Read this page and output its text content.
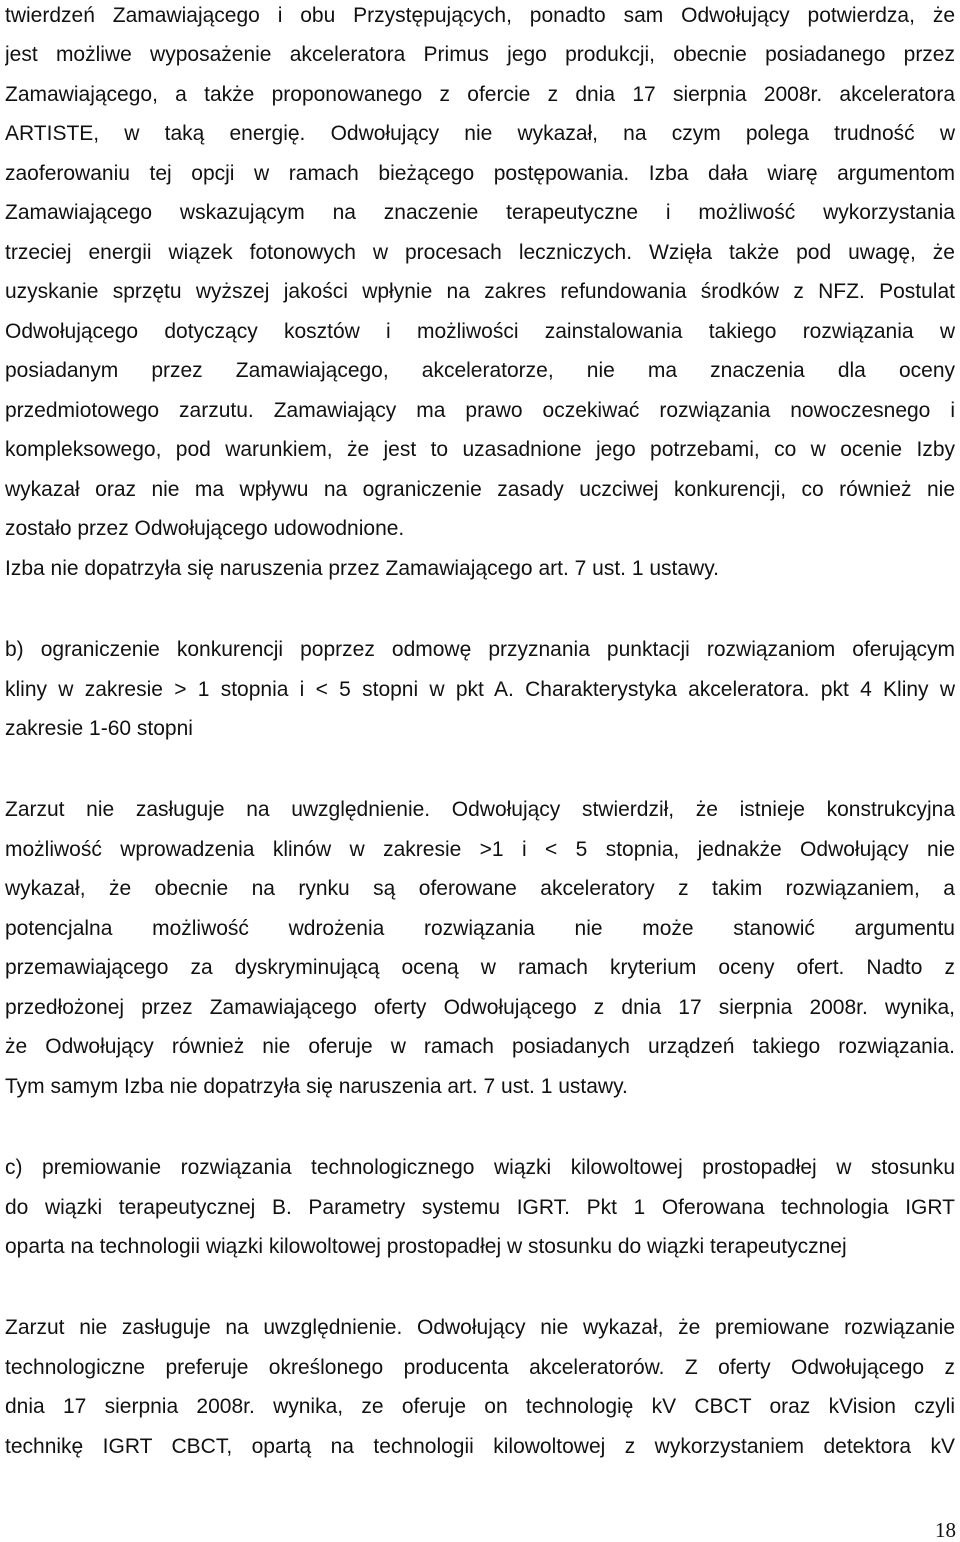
twierdzeń Zamawiającego i obu Przystępujących, ponadto sam Odwołujący potwierdza, że
jest możliwe wyposażenie akceleratora Primus jego produkcji, obecnie posiadanego przez
Zamawiającego, a także proponowanego z ofercie z dnia 17 sierpnia 2008r. akceleratora
ARTISTE, w taką energię. Odwołujący nie wykazał, na czym polega trudność w
zaoferowaniu tej opcji w ramach bieżącego postępowania. Izba dała wiarę argumentom
Zamawiającego wskazującym na znaczenie terapeutyczne i możliwość wykorzystania
trzeciej energii wiązek fotonowych w procesach leczniczych. Wzięła także pod uwagę, że
uzyskanie sprzętu wyższej jakości wpłynie na zakres refundowania środków z NFZ. Postulat
Odwołującego dotyczący kosztów i możliwości zainstalowania takiego rozwiązania w
posiadanym przez Zamawiającego, akceleratorze, nie ma znaczenia dla oceny
przedmiotowego zarzutu. Zamawiający ma prawo oczekiwać rozwiązania nowoczesnego i
kompleksowego, pod warunkiem, że jest to uzasadnione jego potrzebami, co w ocenie Izby
wykazał oraz nie ma wpływu na ograniczenie zasady uczciwej konkurencji, co również nie
zostało przez Odwołującego udowodnione.
Izba nie dopatrzyła się naruszenia przez Zamawiającego art. 7 ust. 1 ustawy.
b) ograniczenie konkurencji poprzez odmowę przyznania punktacji rozwiązaniom oferującym
kliny w zakresie > 1 stopnia i < 5 stopni w pkt A. Charakterystyka akceleratora. pkt 4 Kliny w
zakresie 1-60 stopni
Zarzut nie zasługuje na uwzględnienie. Odwołujący stwierdził, że istnieje konstrukcyjna
możliwość wprowadzenia klinów w zakresie >1 i < 5 stopnia, jednakże Odwołujący nie
wykazał, że obecnie na rynku są oferowane akceleratory z takim rozwiązaniem, a
potencjalna możliwość wdrożenia rozwiązania nie może stanowić argumentu
przemawiającego za dyskryminującą oceną w ramach kryterium oceny ofert. Nadto z
przedłożonej przez Zamawiającego oferty Odwołującego z dnia 17 sierpnia 2008r. wynika,
że Odwołujący również nie oferuje w ramach posiadanych urządzeń takiego rozwiązania.
Tym samym Izba nie dopatrzyła się naruszenia art. 7 ust. 1 ustawy.
c) premiowanie rozwiązania technologicznego wiązki kilowoltowej prostopadłej w stosunku
do wiązki terapeutycznej B. Parametry systemu IGRT. Pkt 1 Oferowana technologia IGRT
oparta na technologii wiązki kilowoltowej prostopadłej w stosunku do wiązki terapeutycznej
Zarzut nie zasługuje na uwzględnienie. Odwołujący nie wykazał, że premiowane rozwiązanie
technologiczne preferuje określonego producenta akceleratorów. Z oferty Odwołującego z
dnia 17 sierpnia 2008r. wynika, ze oferuje on technologię kV CBCT oraz kVision czyli
technikę IGRT CBCT, opartą na technologii kilowoltowej z wykorzystaniem detektora kV
18
